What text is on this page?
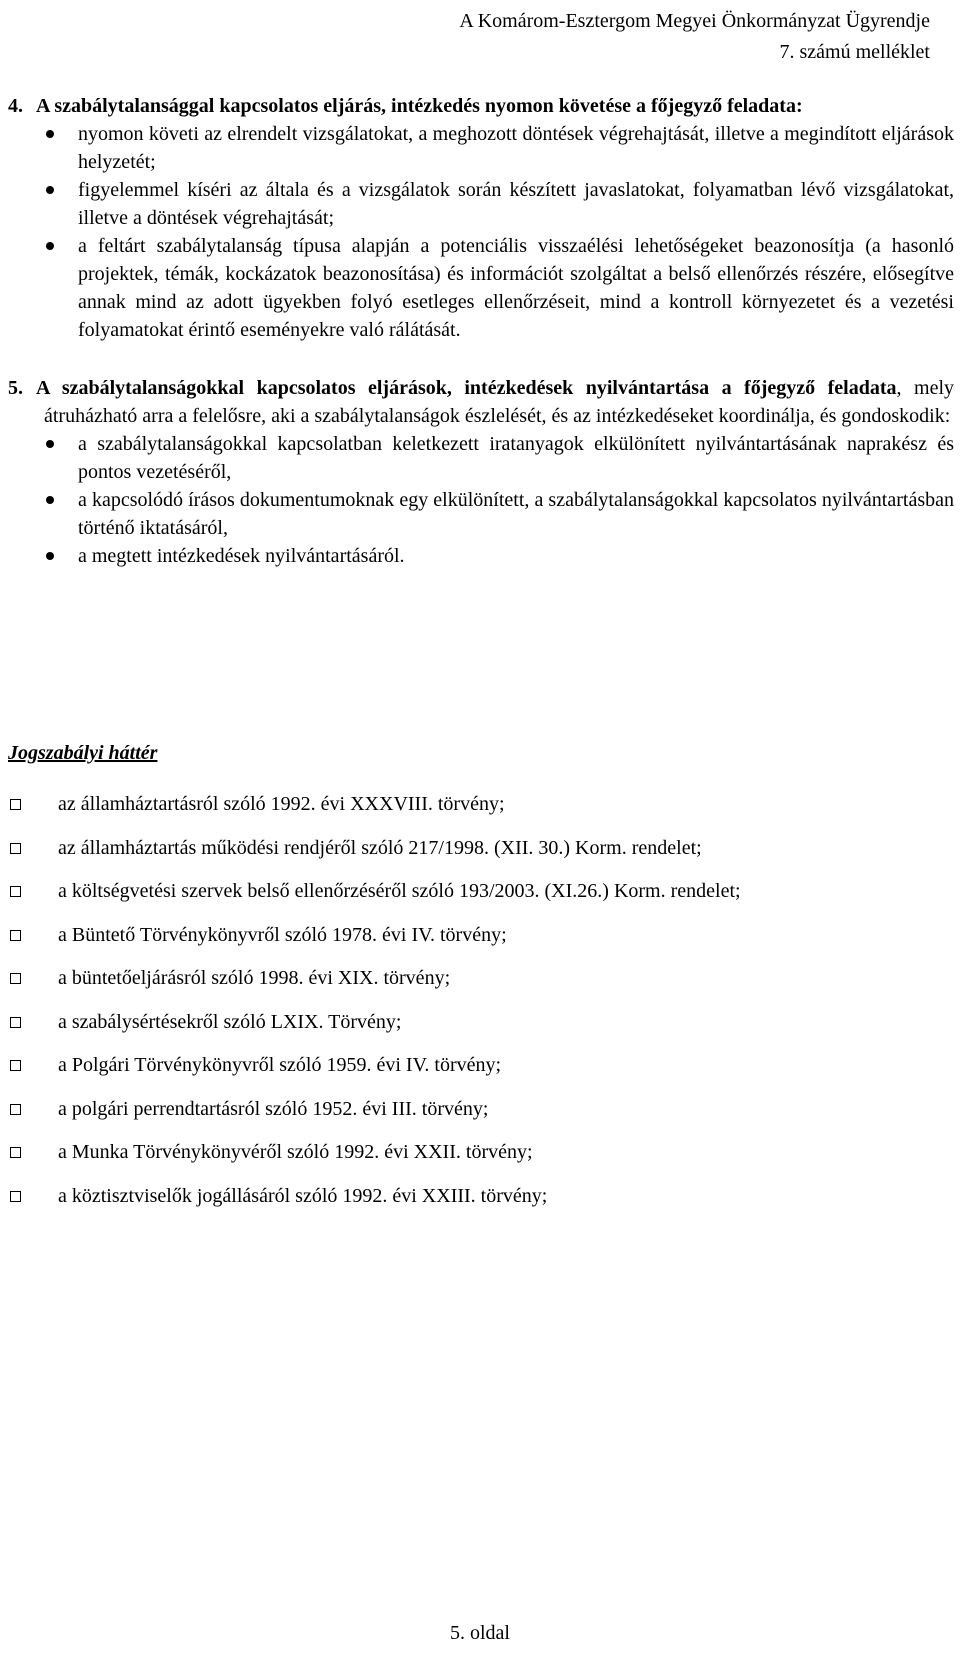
A Komárom-Esztergom Megyei Önkormányzat Ügyrendje
7. számú melléklet

4. A szabálytalansággal kapcsolatos eljárás, intézkedés nyomon követése a főjegyző feladata:

nyomon követi az elrendelt vizsgálatokat, a meghozott döntések végrehajtását, illetve a megindított eljárások helyzetét;
figyelemmel kíséri az általa és a vizsgálatok során készített javaslatokat, folyamatban lévő vizsgálatokat, illetve a döntések végrehajtását;
a feltárt szabálytalanság típusa alapján a potenciális visszaélési lehetőségeket beazonosítja (a hasonló projektek, témák, kockázatok beazonosítása) és információt szolgáltat a belső ellenőrzés részére, elősegítve annak mind az adott ügyekben folyó esetleges ellenőrzéseit, mind a kontroll környezetet és a vezetési folyamatokat érintő eseményekre való rálátását.

5. A szabálytalanságokkal kapcsolatos eljárások, intézkedések nyilvántartása a főjegyző feladata, mely átruházható arra a felelősre, aki a szabálytalanságok észlelését, és az intézkedéseket koordinálja, és gondoskodik:

a szabálytalanságokkal kapcsolatban keletkezett iratanyagok elkülönített nyilvántartásának naprakész és pontos vezetéséről,
a kapcsolódó írásos dokumentumoknak egy elkülönített, a szabálytalanságokkal kapcsolatos nyilvántartásban történő iktatásáról,
a megtett intézkedések nyilvántartásáról.
Jogszabályi háttér
az államháztartásról szóló 1992. évi XXXVIII. törvény;
az államháztartás működési rendjéről szóló 217/1998. (XII. 30.) Korm. rendelet;
a költségvetési szervek belső ellenőrzéséről szóló 193/2003. (XI.26.) Korm. rendelet;
a Büntető Törvénykönyvről szóló 1978. évi IV. törvény;
a büntetőeljárásról szóló 1998. évi XIX. törvény;
a szabálysértésekről szóló LXIX. Törvény;
a Polgári Törvénykönyvről szóló 1959. évi IV. törvény;
a polgári perrendtartásról szóló 1952. évi III. törvény;
a Munka Törvénykönyvéről szóló 1992. évi XXII. törvény;
a köztisztviselők jogállásáról szóló 1992. évi XXIII. törvény;
5. oldal
